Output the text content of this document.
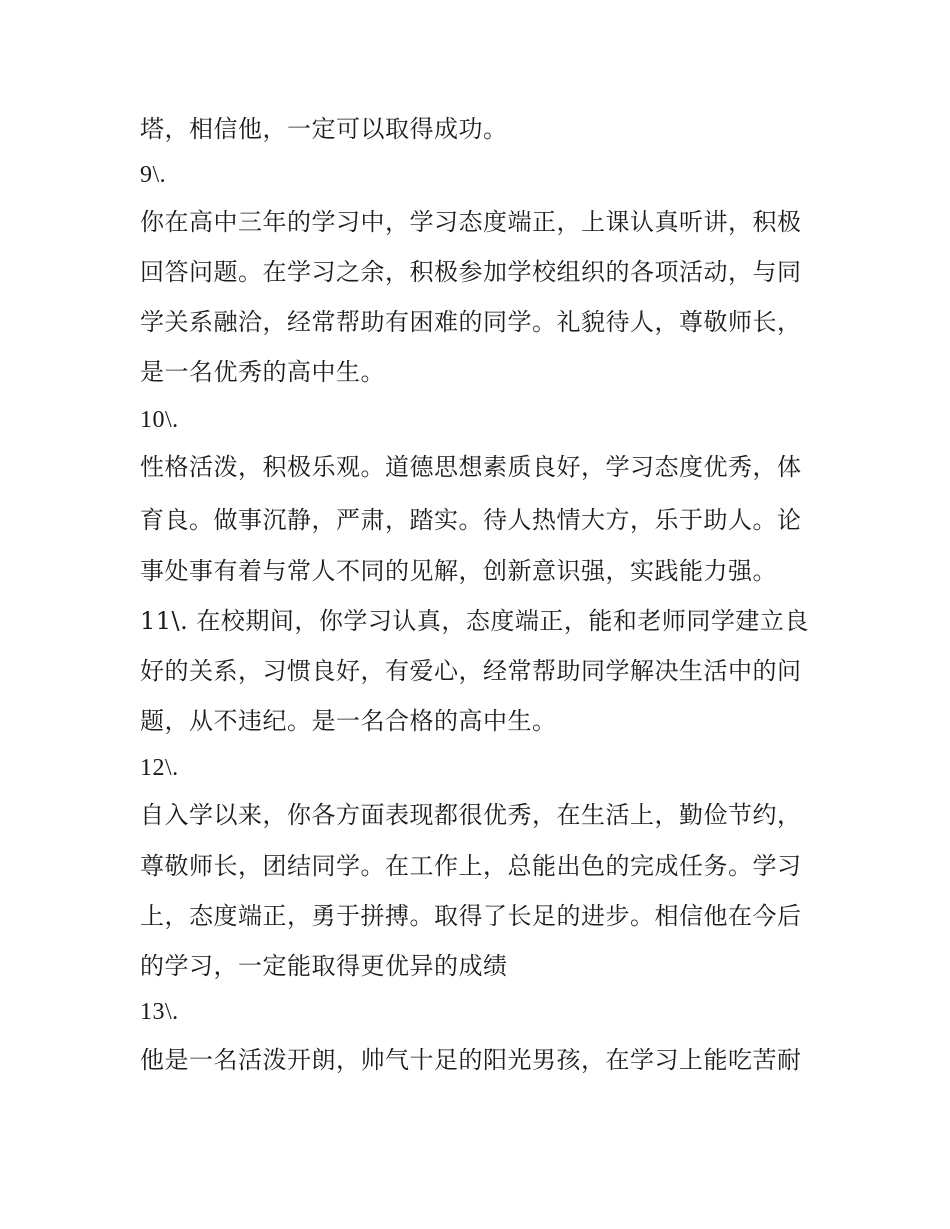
塔，相信他，一定可以取得成功。
9\.
你在高中三年的学习中，学习态度端正，上课认真听讲，积极
回答问题。在学习之余，积极参加学校组织的各项活动，与同
学关系融洽，经常帮助有困难的同学。礼貌待人，尊敬师长，
是一名优秀的高中生。
10\.
性格活泼，积极乐观。道德思想素质良好，学习态度优秀，体
育良。做事沉静，严肃，踏实。待人热情大方，乐于助人。论
事处事有着与常人不同的见解，创新意识强，实践能力强。
11\. 在校期间，你学习认真，态度端正，能和老师同学建立良
好的关系，习惯良好，有爱心，经常帮助同学解决生活中的问
题，从不违纪。是一名合格的高中生。
12\.
自入学以来，你各方面表现都很优秀，在生活上，勤俭节约，
尊敬师长，团结同学。在工作上，总能出色的完成任务。学习
上，态度端正，勇于拼搏。取得了长足的进步。相信他在今后
的学习，一定能取得更优异的成绩
13\.
他是一名活泼开朗，帅气十足的阳光男孩，在学习上能吃苦耐
